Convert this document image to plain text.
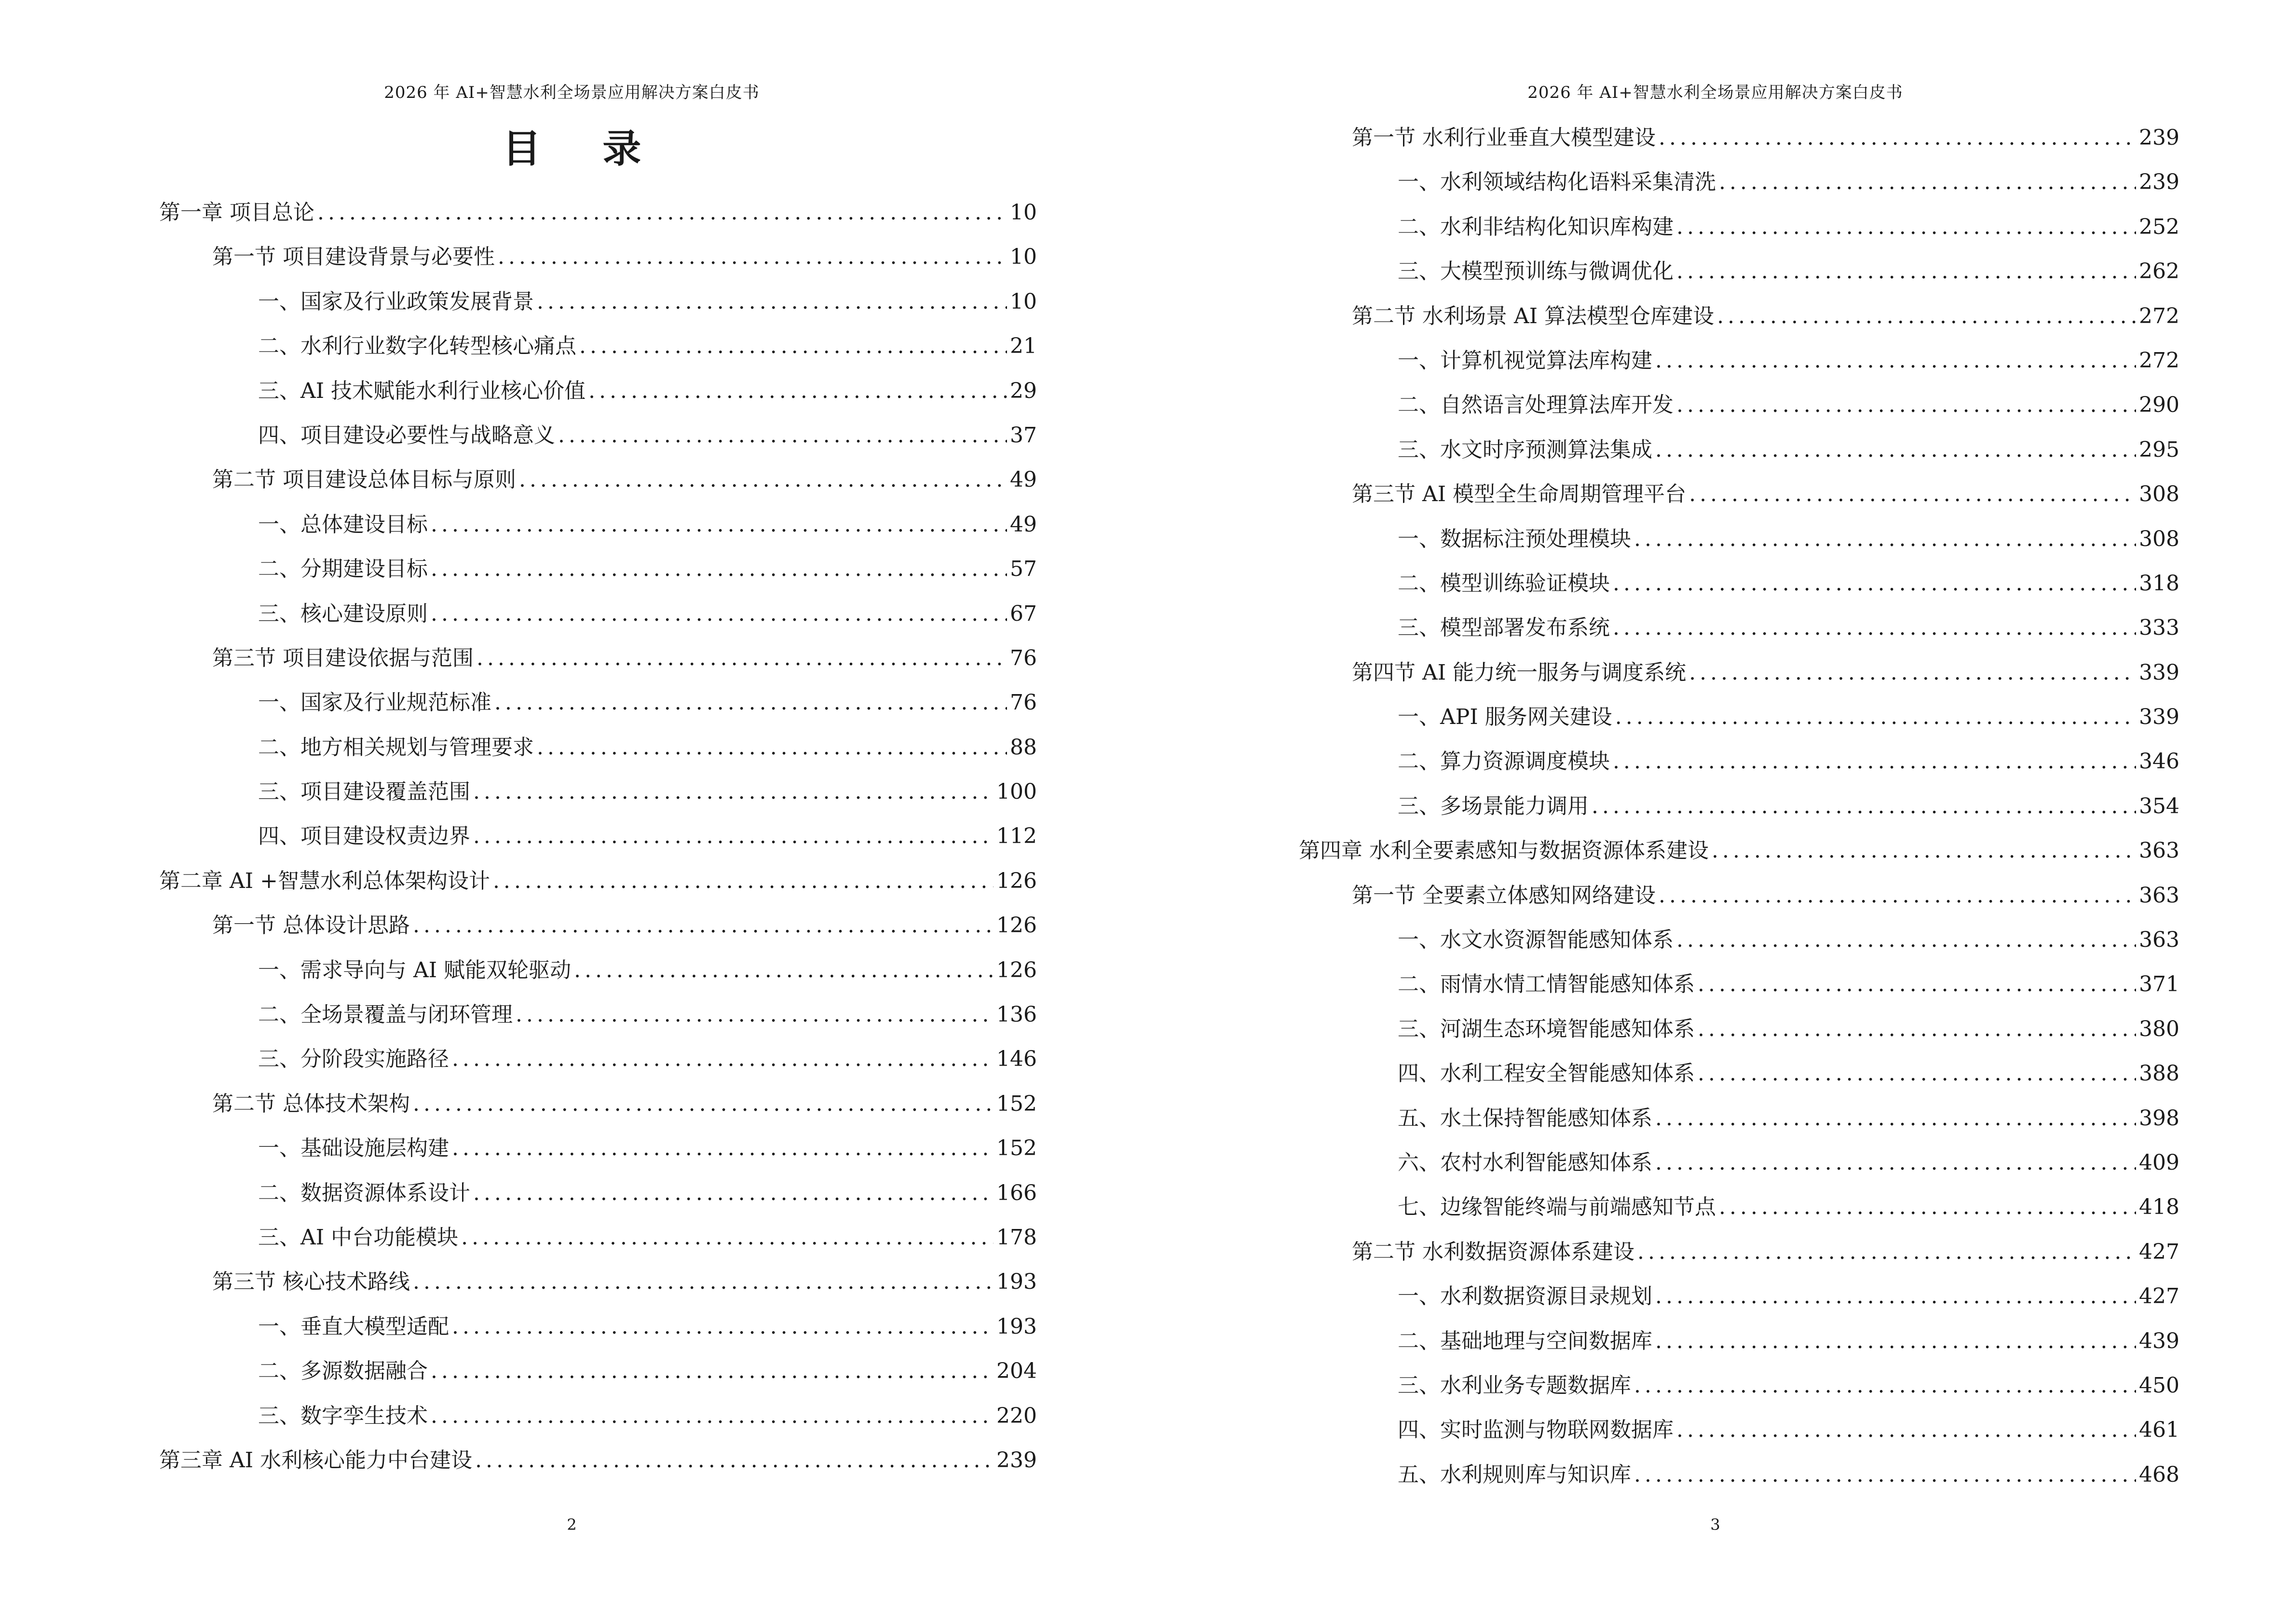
2026 年 AI+智慧水利全场景应用解决方案白皮书
目 录
第一章 项目总论 .....	10
第一节 项目建设背景与必要性 .....	10
一、国家及行业政策发展背景 .....	10
二、水利行业数字化转型核心痛点 .....	21
三、AI 技术赋能水利行业核心价值 .....	29
四、项目建设必要性与战略意义 .....	37
第二节 项目建设总体目标与原则 .....	49
一、总体建设目标 .....	49
二、分期建设目标 .....	57
三、核心建设原则 .....	67
第三节 项目建设依据与范围 .....	76
一、国家及行业规范标准 .....	76
二、地方相关规划与管理要求 .....	88
三、项目建设覆盖范围 .....	100
四、项目建设权责边界 .....	112
第二章 AI +智慧水利总体架构设计 .....	126
第一节 总体设计思路 .....	126
一、需求导向与 AI 赋能双轮驱动 .....	126
二、全场景覆盖与闭环管理 .....	136
三、分阶段实施路径 .....	146
第二节 总体技术架构 .....	152
一、基础设施层构建 .....	152
二、数据资源体系设计 .....	166
三、AI 中台功能模块 .....	178
第三节 核心技术路线 .....	193
一、垂直大模型适配 .....	193
二、多源数据融合 .....	204
三、数字孪生技术 .....	220
第三章 AI 水利核心能力中台建设 .....	239
2
2026 年 AI+智慧水利全场景应用解决方案白皮书
第一节 水利行业垂直大模型建设 .....	239
一、水利领域结构化语料采集清洗 .....	239
二、水利非结构化知识库构建 .....	252
三、大模型预训练与微调优化 .....	262
第二节 水利场景 AI 算法模型仓库建设 .....	272
一、计算机视觉算法库构建 .....	272
二、自然语言处理算法库开发 .....	290
三、水文时序预测算法集成 .....	295
第三节 AI 模型全生命周期管理平台 .....	308
一、数据标注预处理模块 .....	308
二、模型训练验证模块 .....	318
三、模型部署发布系统 .....	333
第四节 AI 能力统一服务与调度系统 .....	339
一、API 服务网关建设 .....	339
二、算力资源调度模块 .....	346
三、多场景能力调用 .....	354
第四章 水利全要素感知与数据资源体系建设 .....	363
第一节 全要素立体感知网络建设 .....	363
一、水文水资源智能感知体系 .....	363
二、雨情水情工情智能感知体系 .....	371
三、河湖生态环境智能感知体系 .....	380
四、水利工程安全智能感知体系 .....	388
五、水土保持智能感知体系 .....	398
六、农村水利智能感知体系 .....	409
七、边缘智能终端与前端感知节点 .....	418
第二节 水利数据资源体系建设 .....	427
一、水利数据资源目录规划 .....	427
二、基础地理与空间数据库 .....	439
三、水利业务专题数据库 .....	450
四、实时监测与物联网数据库 .....	461
五、水利规则库与知识库 .....	468
3
